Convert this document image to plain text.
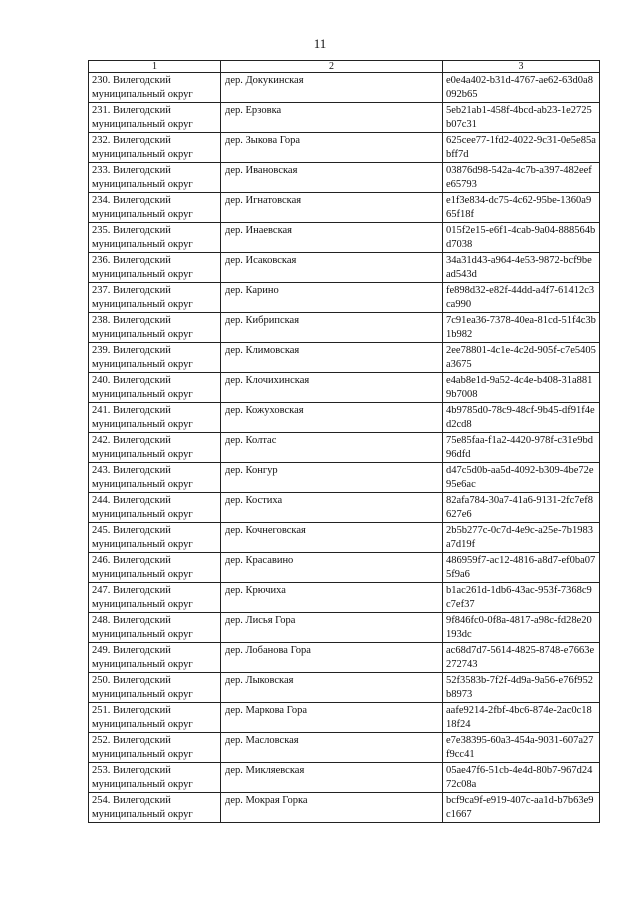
11
1	2	3
230. Вилегодский муниципальный округ	дер. Докукинская	e0e4a402-b31d-4767-ae62-63d0a8092b65
231. Вилегодский муниципальный округ	дер. Ерзовка	5eb21ab1-458f-4bcd-ab23-1e2725b07c31
232. Вилегодский муниципальный округ	дер. Зыкова Гора	625cee77-1fd2-4022-9c31-0e5e85abff7d
233. Вилегодский муниципальный округ	дер. Ивановская	03876d98-542a-4c7b-a397-482eefe65793
234. Вилегодский муниципальный округ	дер. Игнатовская	e1f3e834-dc75-4c62-95be-1360a965f18f
235. Вилегодский муниципальный округ	дер. Инаевская	015f2e15-e6f1-4cab-9a04-888564bd7038
236. Вилегодский муниципальный округ	дер. Исаковская	34a31d43-a964-4e53-9872-bcf9bead543d
237. Вилегодский муниципальный округ	дер. Карино	fe898d32-e82f-44dd-a4f7-61412c3ca990
238. Вилегодский муниципальный округ	дер. Кибрипская	7c91ea36-7378-40ea-81cd-51f4c3b1b982
239. Вилегодский муниципальный округ	дер. Климовская	2ee78801-4c1e-4c2d-905f-c7e5405a3675
240. Вилегодский муниципальный округ	дер. Клочихинская	e4ab8e1d-9a52-4c4e-b408-31a8819b7008
241. Вилегодский муниципальный округ	дер. Кожуховская	4b9785d0-78c9-48cf-9b45-df91f4ed2cd8
242. Вилегодский муниципальный округ	дер. Колтас	75e85faa-f1a2-4420-978f-c31e9bd96dfd
243. Вилегодский муниципальный округ	дер. Конгур	d47c5d0b-aa5d-4092-b309-4be72e95e6ac
244. Вилегодский муниципальный округ	дер. Костиха	82afa784-30a7-41a6-9131-2fc7ef8627e6
245. Вилегодский муниципальный округ	дер. Кочнеговская	2b5b277c-0c7d-4e9c-a25e-7b1983a7d19f
246. Вилегодский муниципальный округ	дер. Красавино	486959f7-ac12-4816-a8d7-ef0ba075f9a6
247. Вилегодский муниципальный округ	дер. Крючиха	b1ac261d-1db6-43ac-953f-7368c9c7ef37
248. Вилегодский муниципальный округ	дер. Лисья Гора	9f846fc0-0f8a-4817-a98c-fd28e20193dc
249. Вилегодский муниципальный округ	дер. Лобанова Гора	ac68d7d7-5614-4825-8748-e7663e272743
250. Вилегодский муниципальный округ	дер. Лыковская	52f3583b-7f2f-4d9a-9a56-e76f952b8973
251. Вилегодский муниципальный округ	дер. Маркова Гора	aafe9214-2fbf-4bc6-874e-2ac0c1818f24
252. Вилегодский муниципальный округ	дер. Масловская	e7e38395-60a3-454a-9031-607a27f9cc41
253. Вилегодский муниципальный округ	дер. Микляевская	05ae47f6-51cb-4e4d-80b7-967d2472c08a
254. Вилегодский муниципальный округ	дер. Мокрая Горка	bcf9ca9f-e919-407c-aa1d-b7b63e9c1667
